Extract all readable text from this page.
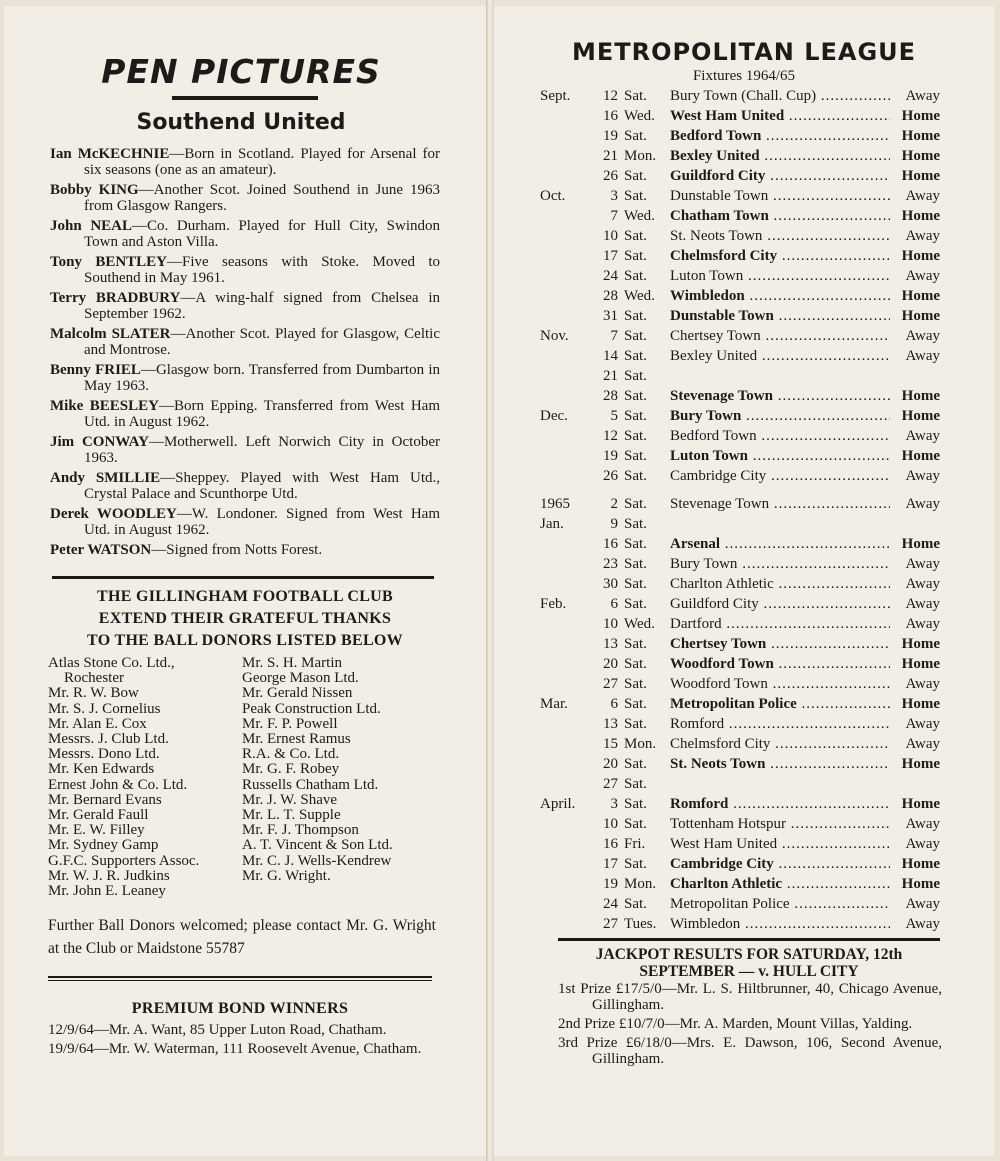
PEN PICTURES
Southend United
Ian McKECHNIE—Born in Scotland. Played for Arsenal for six seasons (one as an amateur).
Bobby KING—Another Scot. Joined Southend in June 1963 from Glasgow Rangers.
John NEAL—Co. Durham. Played for Hull City, Swindon Town and Aston Villa.
Tony BENTLEY—Five seasons with Stoke. Moved to Southend in May 1961.
Terry BRADBURY—A wing-half signed from Chelsea in September 1962.
Malcolm SLATER—Another Scot. Played for Glasgow, Celtic and Montrose.
Benny FRIEL—Glasgow born. Transferred from Dumbarton in May 1963.
Mike BEESLEY—Born Epping. Transferred from West Ham Utd. in August 1962.
Jim CONWAY—Motherwell. Left Norwich City in October 1963.
Andy SMILLIE—Sheppey. Played with West Ham Utd., Crystal Palace and Scunthorpe Utd.
Derek WOODLEY—W. Londoner. Signed from West Ham Utd. in August 1962.
Peter WATSON—Signed from Notts Forest.
THE GILLINGHAM FOOTBALL CLUB
EXTEND THEIR GRATEFUL THANKS
TO THE BALL DONORS LISTED BELOW
Atlas Stone Co. Ltd.,
Rochester
Mr. R. W. Bow
Mr. S. J. Cornelius
Mr. Alan E. Cox
Messrs. J. Club Ltd.
Messrs. Dono Ltd.
Mr. Ken Edwards
Ernest John & Co. Ltd.
Mr. Bernard Evans
Mr. Gerald Faull
Mr. E. W. Filley
Mr. Sydney Gamp
G.F.C. Supporters Assoc.
Mr. W. J. R. Judkins
Mr. John E. Leaney
Mr. S. H. Martin
George Mason Ltd.
Mr. Gerald Nissen
Peak Construction Ltd.
Mr. F. P. Powell
Mr. Ernest Ramus
R.A. & Co. Ltd.
Mr. G. F. Robey
Russells Chatham Ltd.
Mr. J. W. Shave
Mr. L. T. Supple
Mr. F. J. Thompson
A. T. Vincent & Son Ltd.
Mr. C. J. Wells-Kendrew
Mr. G. Wright.
Further Ball Donors welcomed; please contact Mr. G. Wright at the Club or Maidstone 55787
PREMIUM BOND WINNERS
12/9/64—Mr. A. Want, 85 Upper Luton Road, Chatham.
19/9/64—Mr. W. Waterman, 111 Roosevelt Avenue, Chatham.
METROPOLITAN LEAGUE
Fixtures 1964/65
Sept.	12 Sat.	Bury Town (Chall. Cup) .....	Away
16 Wed.	West Ham United .....	Home
19 Sat.	Bedford Town .....	Home
21 Mon. Bexley United .....	Home
26 Sat.	Guildford City .....	Home
Oct.	3 Sat.	Dunstable Town .....	Away
7 Wed.	Chatham Town .....	Home
10 Sat.	St. Neots Town .....	Away
17 Sat.	Chelmsford City .....	Home
24 Sat.	Luton Town .....	Away
28 Wed.	Wimbledon .....	Home
31 Sat.	Dunstable Town .....	Home
Nov.	7 Sat.	Chertsey Town .....	Away
14 Sat.	Bexley United .....	Away
21 Sat.
28 Sat.	Stevenage Town .....	Home
Dec.	5 Sat.	Bury Town .....	Home
12 Sat.	Bedford Town .....	Away
19 Sat.	Luton Town .....	Home
26 Sat.	Cambridge City .....	Away
1965	2 Sat.	Stevenage Town .....	Away
Jan.	9 Sat.
16 Sat.	Arsenal .....	Home
23 Sat.	Bury Town .....	Away
30 Sat.	Charlton Athletic .....	Away
Feb.	6 Sat.	Guildford City .....	Away
10 Wed.	Dartford .....	Away
13 Sat.	Chertsey Town .....	Home
20 Sat.	Woodford Town .....	Home
27 Sat.	Woodford Town .....	Away
Mar.	6 Sat.	Metropolitan Police .....	Home
13 Sat.	Romford .....	Away
15 Mon. Chelmsford City .....	Away
20 Sat.	St. Neots Town .....	Home
27 Sat.
April.	3 Sat.	Romford .....	Home
10 Sat.	Tottenham Hotspur .....	Away
16 Fri.	West Ham United .....	Away
17 Sat.	Cambridge City .....	Home
19 Mon. Charlton Athletic .....	Home
24 Sat.	Metropolitan Police .....	Away
27 Tues. Wimbledon .....	Away
JACKPOT RESULTS FOR SATURDAY, 12th SEPTEMBER — v. HULL CITY
1st Prize £17/5/0—Mr. L. S. Hiltbrunner, 40, Chicago Avenue, Gillingham.
2nd Prize £10/7/0—Mr. A. Marden, Mount Villas, Yalding.
3rd Prize £6/18/0—Mrs. E. Dawson, 106, Second Avenue, Gillingham.
